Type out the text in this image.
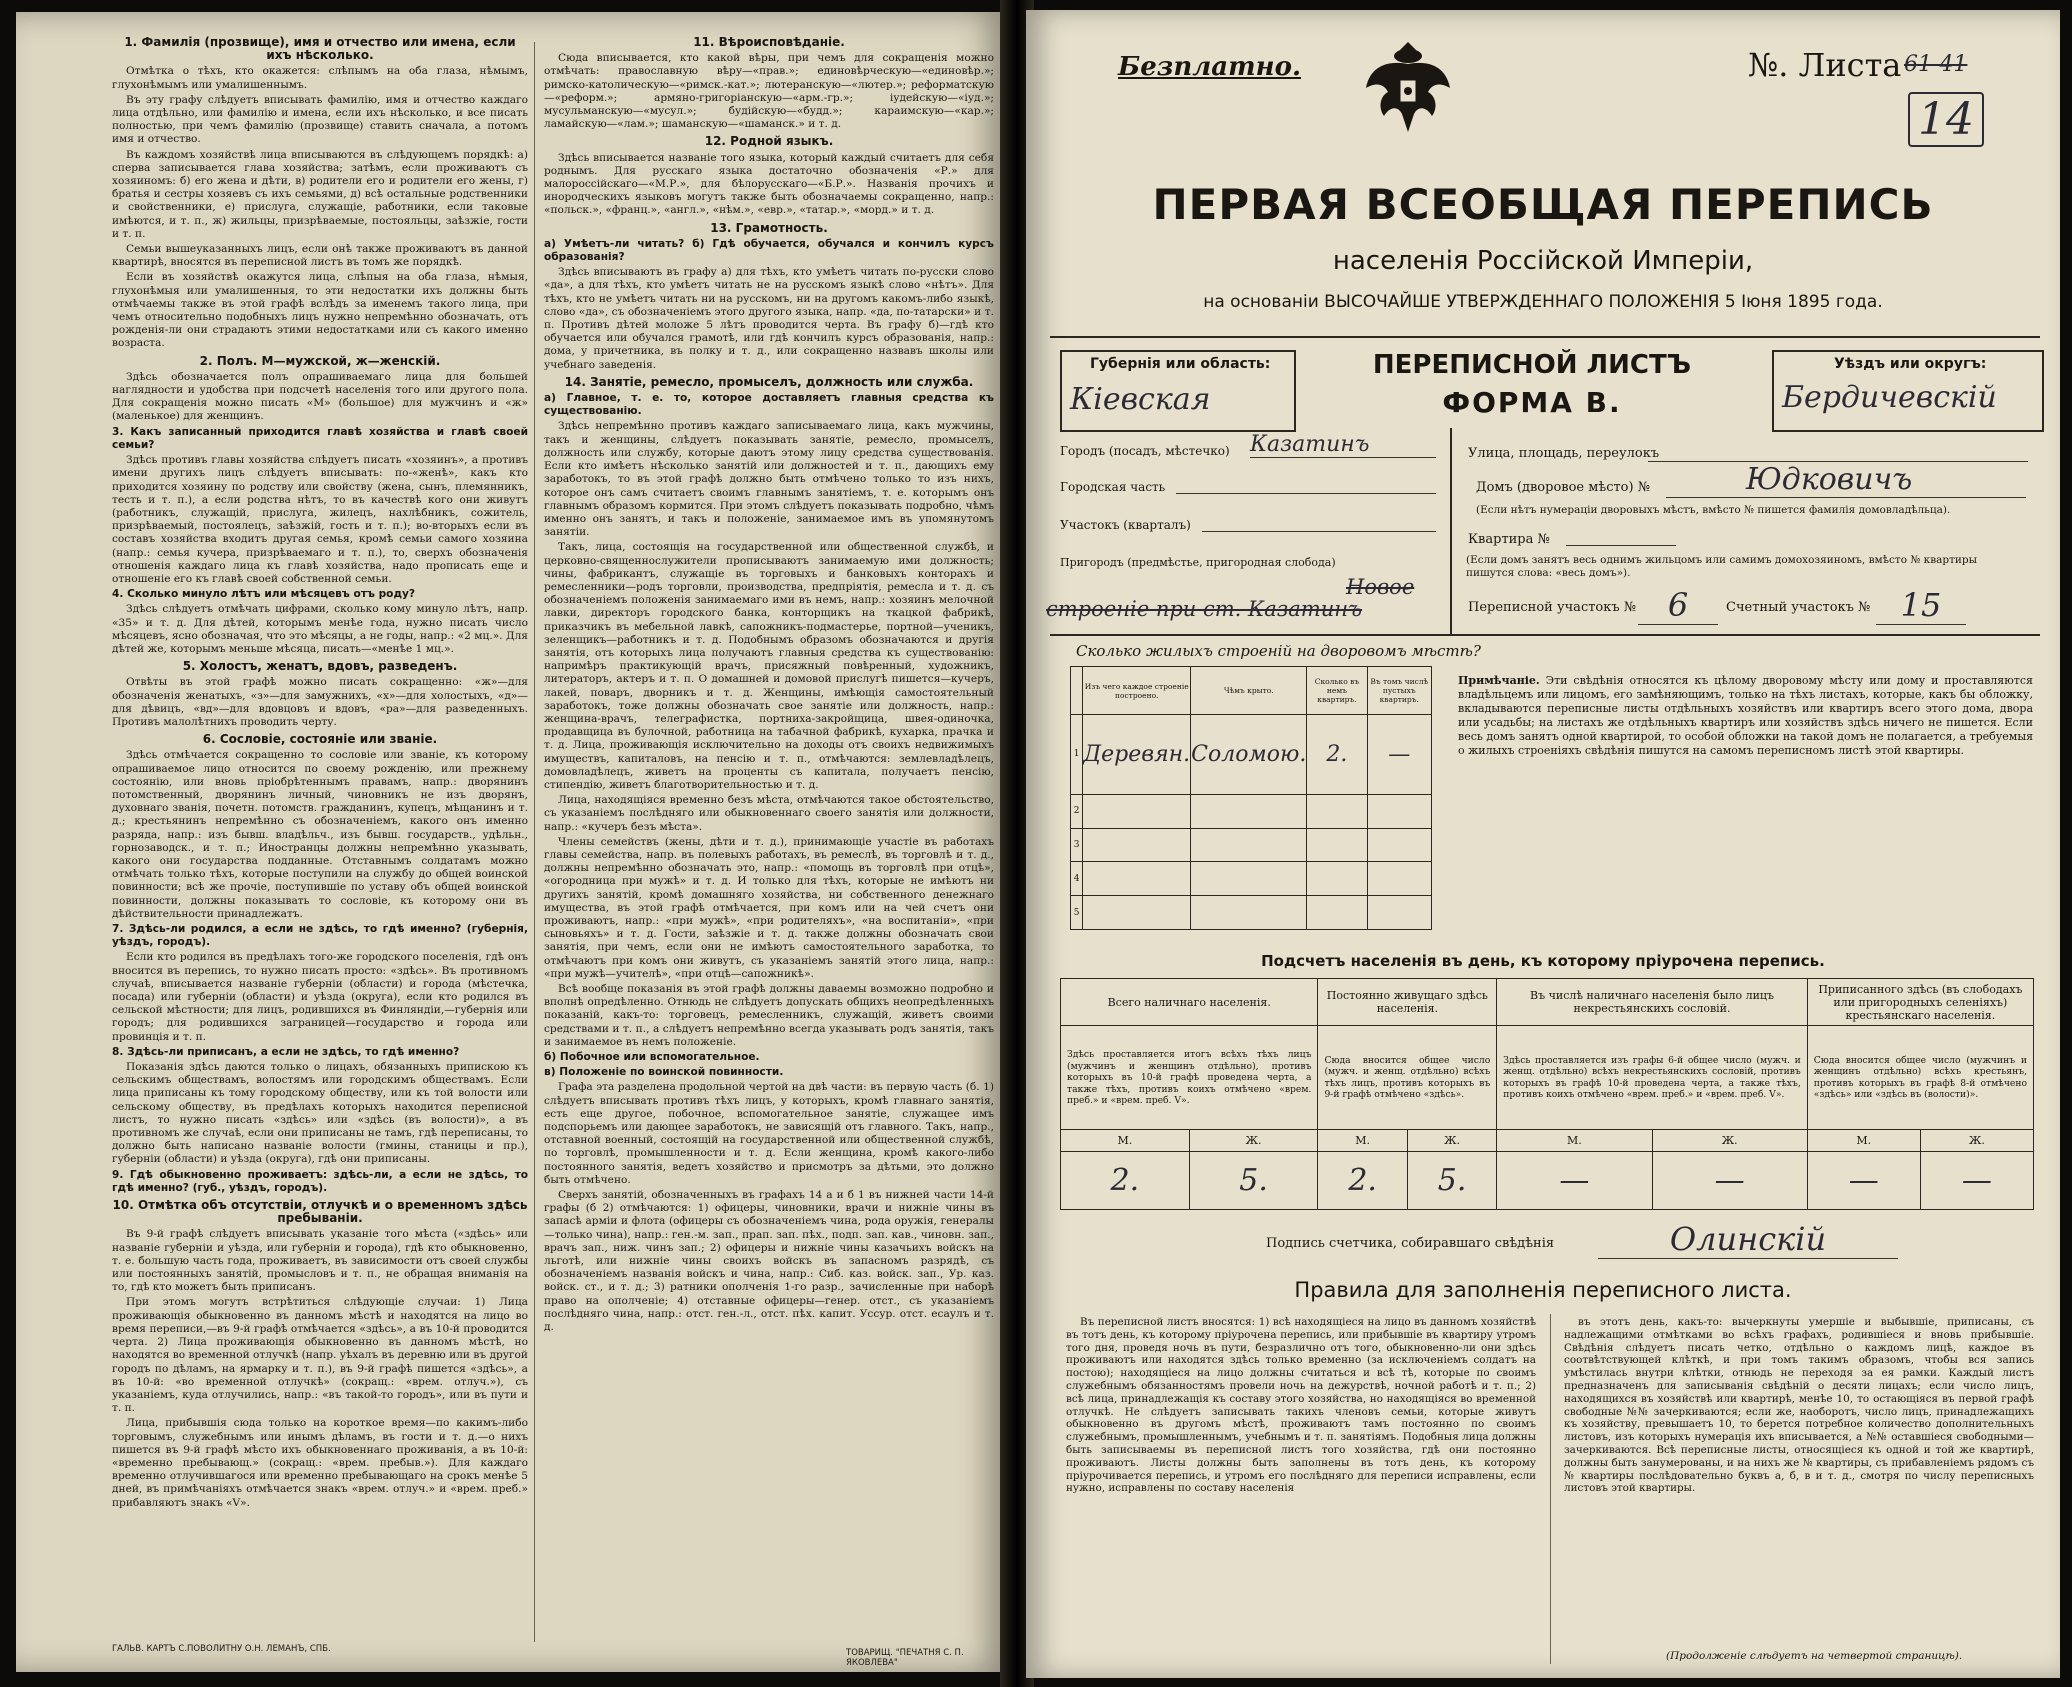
1. Фамилія (прозвище), имя и отчество или имена, если ихъ нѣсколько.

Отмѣтка о тѣхъ, кто окажется: слѣпымъ на оба глаза, нѣмымъ, глухонѣмымъ или умалишеннымъ.

Въ эту графу слѣдуетъ вписывать фамилію, имя и отчество каждаго лица отдѣльно, или фамилію и имена, если ихъ нѣсколько, и все писать полностью, при чемъ фамилію (прозвище) ставить сначала, а потомъ имя и отчество.

Въ каждомъ хозяйствѣ лица вписываются въ слѣдующемъ порядкѣ: а) сперва записывается глава хозяйства; затѣмъ, если проживаютъ съ хозяиномъ: б) его жена и дѣти, в) родители его и родители его жены, г) братья и сестры хозяевъ съ ихъ семьями, д) всѣ остальные родственники и свойственники, е) прислуга, служащіе, работники, если таковые имѣются, и т. п., ж) жильцы, призрѣваемые, постояльцы, заѣзжіе, гости и т. п.

Семьи вышеуказанныхъ лицъ, если онѣ также проживаютъ въ данной квартирѣ, вносятся въ переписной листъ въ томъ же порядкѣ.

Если въ хозяйствѣ окажутся лица, слѣпыя на оба глаза, нѣмыя, глухонѣмыя или умалишенныя, то эти недостатки ихъ должны быть отмѣчаемы также въ этой графѣ вслѣдъ за именемъ такого лица, при чемъ относительно подобныхъ лицъ нужно непремѣнно обозначать, отъ рожденія-ли они страдаютъ этими недостатками или съ какого именно возраста.

2. Полъ. М—мужской, ж—женскій.

Здѣсь обозначается полъ опрашиваемаго лица для большей наглядности и удобства при подсчетѣ населенія того или другого пола. Для сокращенія можно писать «М» (большое) для мужчинъ и «ж» (маленькое) для женщинъ.

3. Какъ записанный приходится главѣ хозяйства и главѣ своей семьи?

Здѣсь противъ главы хозяйства слѣдуетъ писать «хозяинъ», а противъ имени другихъ лицъ слѣдуетъ вписывать: по-«женѣ», какъ кто приходится хозяину по родству или свойству (жена, сынъ, племянникъ, тесть и т. п.), а если родства нѣтъ, то въ качествѣ кого они живутъ (работникъ, служащій, прислуга, жилецъ, нахлѣбникъ, сожитель, призрѣваемый, постоялецъ, заѣзжій, гость и т. п.); во-вторыхъ если въ составъ хозяйства входитъ другая семья, кромѣ семьи самого хозяина (напр.: семья кучера, призрѣваемаго и т. п.), то, сверхъ обозначенія отношенія каждаго лица къ главѣ хозяйства, надо прописать еще и отношеніе его къ главѣ своей собственной семьи.

4. Сколько минуло лѣтъ или мѣсяцевъ отъ роду?

Здѣсь слѣдуетъ отмѣчать цифрами, сколько кому минуло лѣтъ, напр. «35» и т. д. Для дѣтей, которымъ менѣе года, нужно писать число мѣсяцевъ, ясно обозначая, что это мѣсяцы, а не годы, напр.: «2 мц.». Для дѣтей же, которымъ меньше мѣсяца, писать—«менѣе 1 мц.».

5. Холостъ, женатъ, вдовъ, разведенъ.

Отвѣты въ этой графѣ можно писать сокращенно: «ж»—для обозначенія женатыхъ, «з»—для замужнихъ, «х»—для холостыхъ, «д»—для дѣвицъ, «вд»—для вдовцовъ и вдовъ, «ра»—для разведенныхъ. Противъ малолѣтнихъ проводить черту.

6. Сословіе, состояніе или званіе.

Здѣсь отмѣчается сокращенно то сословіе или званіе, къ которому опрашиваемое лицо относится по своему рожденію, или прежнему состоянію, или вновь пріобрѣтеннымъ правамъ, напр.: дворянинъ потомственный, дворянинъ личный, чиновникъ не изъ дворянъ, духовнаго званія, почетн. потомств. гражданинъ, купецъ, мѣщанинъ и т. д.; крестьянинъ непремѣнно съ обозначеніемъ, какого онъ именно разряда, напр.: изъ бывш. владѣльч., изъ бывш. государств., удѣльн., горнозаводск., и т. п.; Иностранцы должны непремѣнно указывать, какого они государства подданные. Отставнымъ солдатамъ можно отмѣчать только тѣхъ, которые поступили на службу до общей воинской повинности; всѣ же прочіе, поступившіе по уставу объ общей воинской повинности, должны показывать то сословіе, къ которому они въ дѣйствительности принадлежатъ.

7. Здѣсь-ли родился, а если не здѣсь, то гдѣ именно? (губернія, уѣздъ, городъ).

Если кто родился въ предѣлахъ того-же городского поселенія, гдѣ онъ вносится въ перепись, то нужно писать просто: «здѣсь». Въ противномъ случаѣ, вписывается названіе губерніи (области) и города (мѣстечка, посада) или губерніи (области) и уѣзда (округа), если кто родился въ сельской мѣстности; для лицъ, родившихся въ Финляндіи,—губернія или городъ; для родившихся заграницей—государство и города или провинція и т. п.

8. Здѣсь-ли приписанъ, а если не здѣсь, то гдѣ именно?

Показанія здѣсь даются только о лицахъ, обязанныхъ припискою къ сельскимъ обществамъ, волостямъ или городскимъ обществамъ. Если лица приписаны къ тому городскому обществу, или къ той волости или сельскому обществу, въ предѣлахъ которыхъ находится переписной листъ, то нужно писать «здѣсь» или «здѣсь (въ волости)», а въ противномъ же случаѣ, если они приписаны не тамъ, гдѣ переписаны, то должно быть написано названіе волости (гмины, станицы и пр.), губерніи (области) и уѣзда (округа), гдѣ они приписаны.

9. Гдѣ обыкновенно проживаетъ: здѣсь-ли, а если не здѣсь, то гдѣ именно? (губ., уѣздъ, городъ).

10. Отмѣтка объ отсутствіи, отлучкѣ и о временномъ здѣсь пребываніи.

Въ 9-й графѣ слѣдуетъ вписывать указаніе того мѣста («здѣсь» или названіе губерніи и уѣзда, или губерніи и города), гдѣ кто обыкновенно, т. е. большую часть года, проживаетъ, въ зависимости отъ своей службы или постоянныхъ занятій, промысловъ и т. п., не обращая вниманія на то, гдѣ кто можетъ быть приписанъ.

При этомъ могутъ встрѣтиться слѣдующіе случаи: 1) Лица проживающія обыкновенно въ данномъ мѣстѣ и находятся на лицо во время переписи,—въ 9-й графѣ отмѣчается «здѣсь», а въ 10-й проводится черта. 2) Лица проживающія обыкновенно въ данномъ мѣстѣ, но находятся во временной отлучкѣ (напр. уѣхалъ въ деревню или въ другой городъ по дѣламъ, на ярмарку и т. п.), въ 9-й графѣ пишется «здѣсь», а въ 10-й: «во временной отлучкѣ» (сокращ.: «врем. отлуч.»), съ указаніемъ, куда отлучились, напр.: «въ такой-то городъ», или въ пути и т. п.

Лица, прибывшія сюда только на короткое время—по какимъ-либо торговымъ, служебнымъ или инымъ дѣламъ, въ гости и т. д.—о нихъ пишется въ 9-й графѣ мѣсто ихъ обыкновеннаго проживанія, а въ 10-й: «временно пребывающ.» (сокращ.: «врем. пребыв.»). Для каждаго временно отлучившагося или временно пребывающаго на срокъ менѣе 5 дней, въ примѣчаніяхъ отмѣчается знакъ «врем. отлуч.» и «врем. преб.» прибавляютъ знакъ «V».

11. Вѣроисповѣданіе.

Сюда вписывается, кто какой вѣры, при чемъ для сокращенія можно отмѣчать: православную вѣру—«прав.»; единовѣрческую—«единовѣр.»; римско-католическую—«римск.-кат.»; лютеранскую—«лютер.»; реформатскую—«реформ.»; армяно-григоріанскую—«арм.-гр.»; іудейскую—«іуд.»; мусульманскую—«мусул.»; будійскую—«будд.»; караимскую—«кар.»; ламайскую—«лам.»; шаманскую—«шаманск.» и т. д.

12. Родной языкъ.

Здѣсь вписывается названіе того языка, который каждый считаетъ для себя роднымъ. Для русскаго языка достаточно обозначенія «Р.» для малороссійскаго—«М.Р.», для бѣлорусскаго—«Б.Р.». Названія прочихъ и инородческихъ языковъ могутъ также быть обозначаемы сокращенно, напр.: «польск.», «франц.», «англ.», «нѣм.», «евр.», «татар.», «морд.» и т. д.

13. Грамотность.

а) Умѣетъ-ли читать? б) Гдѣ обучается, обучался и кончилъ курсъ образованія?

Здѣсь вписываютъ въ графу а) для тѣхъ, кто умѣетъ читать по-русски слово «да», а для тѣхъ, кто умѣетъ читать не на русскомъ языкѣ слово «нѣтъ». Для тѣхъ, кто не умѣетъ читать ни на русскомъ, ни на другомъ какомъ-либо языкѣ, слово «да», съ обозначеніемъ этого другого языка, напр. «да, по-татарски» и т. п. Противъ дѣтей моложе 5 лѣтъ проводится черта. Въ графу б)—гдѣ кто обучается или обучался грамотѣ, или гдѣ кончилъ курсъ образованія, напр.: дома, у причетника, въ полку и т. д., или сокращенно назвавъ школы или учебнаго заведенія.

14. Занятіе, ремесло, промыселъ, должность или служба.

а) Главное, т. е. то, которое доставляетъ главныя средства къ существованію.

Здѣсь непремѣнно противъ каждаго записываемаго лица, какъ мужчины, такъ и женщины, слѣдуетъ показывать занятіе, ремесло, промыселъ, должность или службу, которые даютъ этому лицу средства существованія. Если кто имѣетъ нѣсколько занятій или должностей и т. п., дающихъ ему заработокъ, то въ этой графѣ должно быть отмѣчено только то изъ нихъ, которое онъ самъ считаетъ своимъ главнымъ занятіемъ, т. е. которымъ онъ главнымъ образомъ кормится. При этомъ слѣдуетъ показывать подробно, чѣмъ именно онъ занятъ, и такъ и положеніе, занимаемое имъ въ упомянутомъ занятіи.

Такъ, лица, состоящія на государственной или общественной службѣ, и церковно-священнослужители прописываютъ занимаемую ими должность; чины, фабрикантъ, служащіе въ торговыхъ и банковыхъ конторахъ и ремесленники—родъ торговли, производства, предпріятія, ремесла и т. д. съ обозначеніемъ положенія занимаемаго ими въ немъ, напр.: хозяинъ мелочной лавки, директоръ городского банка, конторщикъ на ткацкой фабрикѣ, приказчикъ въ мебельной лавкѣ, сапожникъ-подмастерье, портной—ученикъ, зеленщикъ—работникъ и т. д. Подобнымъ образомъ обозначаются и другія занятія, отъ которыхъ лица получаютъ главныя средства къ существованію: напримѣръ практикующій врачъ, присяжный повѣренный, художникъ, литераторъ, актеръ и т. п. О домашней и домовой прислугѣ пишется—кучеръ, лакей, поваръ, дворникъ и т. д. Женщины, имѣющія самостоятельный заработокъ, тоже должны обозначать свое занятіе или должность, напр.: женщина-врачъ, телеграфистка, портниха-закройщица, швея-одиночка, продавщица въ булочной, работница на табачной фабрикѣ, кухарка, прачка и т. д. Лица, проживающія исключительно на доходы отъ своихъ недвижимыхъ имуществъ, капиталовъ, на пенсію и т. п., отмѣчаются: землевладѣлецъ, домовладѣлецъ, живетъ на проценты съ капитала, получаетъ пенсію, стипендію, живетъ благотворительностью и т. д.

Лица, находящіяся временно безъ мѣста, отмѣчаются такое обстоятельство, съ указаніемъ послѣдняго или обыкновеннаго своего занятія или должности, напр.: «кучеръ безъ мѣста».

Члены семействъ (жены, дѣти и т. д.), принимающіе участіе въ работахъ главы семейства, напр. въ полевыхъ работахъ, въ ремеслѣ, въ торговлѣ и т. д., должны непремѣнно обозначать это, напр.: «помощь въ торговлѣ при отцѣ», «огородница при мужѣ» и т. д. И только для тѣхъ, которые не имѣютъ ни другихъ занятій, кромѣ домашняго хозяйства, ни собственного денежнаго имущества, въ этой графѣ отмѣчается, при комъ или на чей счетъ они проживаютъ, напр.: «при мужѣ», «при родителяхъ», «на воспитаніи», «при сыновьяхъ» и т. д. Гости, заѣзжіе и т. д. также должны обозначать свои занятія, при чемъ, если они не имѣютъ самостоятельного заработка, то отмѣчаютъ при комъ они живутъ, съ указаніемъ занятій этого лица, напр.: «при мужѣ—учителѣ», «при отцѣ—сапожникѣ».

Всѣ вообще показанія въ этой графѣ должны даваемы возможно подробно и вполнѣ опредѣленно. Отнюдь не слѣдуетъ допускать общихъ неопредѣленныхъ показаній, какъ-то: торговецъ, ремесленникъ, служащій, живетъ своими средствами и т. п., а слѣдуетъ непремѣнно всегда указывать родъ занятія, такъ и занимаемое въ немъ положеніе.

б) Побочное или вспомогательное.

в) Положеніе по воинской повинности.

Графа эта разделена продольной чертой на двѣ части: въ первую часть (б. 1) слѣдуетъ вписывать противъ тѣхъ лицъ, у которыхъ, кромѣ главнаго занятія, есть еще другое, побочное, вспомогательное занятіе, служащее имъ подспорьемъ или дающее заработокъ, не зависящій отъ главного. Такъ, напр., отставной военный, состоящій на государственной или общественной службѣ, по торговлѣ, промышленности и т. д. Если женщина, кромѣ какого-либо постоянного занятія, ведетъ хозяйство и присмотръ за дѣтьми, это должно быть отмѣчено.

Сверхъ занятій, обозначенныхъ въ графахъ 14 а и б 1 въ нижней части 14-й графы (б 2) отмѣчаются: 1) офицеры, чиновники, врачи и нижніе чины въ запасѣ арміи и флота (офицеры съ обозначеніемъ чина, рода оружія, генералы—только чина), напр.: ген.-м. зап., прап. зап. пѣх., подп. зап. кав., чиновн. зап., врачъ зап., ниж. чинъ зап.; 2) офицеры и нижніе чины казачьихъ войскъ на льготѣ, или нижніе чины своихъ войскъ въ запасномъ разрядѣ, съ обозначеніемъ названія войскъ и чина, напр.: Сиб. каз. войск. зап., Ур. каз. войск. ст., и т. д.; 3) ратники ополченія 1-го разр., зачисленные при наборѣ право на ополченіе; 4) отставные офицеры—генер. отст., съ указаніемъ послѣдняго чина, напр.: отст. ген.-л., отст. пѣх. капит. Уссур. отст. есаулъ и т. д.

ГАЛЬВ. КАРТЪ С.ПОВОЛИТНУ О.Н. ЛЕМАНЪ, СПБ.	ТОВАРИЩ. "ПЕЧАТНЯ С. П. ЯКОВЛЕВА"
Безплатно.	№. Листа 61-41
14
ПЕРВАЯ ВСЕОБЩАЯ ПЕРЕПИСЬ
населенія Россійской Имперіи,
на основаніи ВЫСОЧАЙШЕ УТВЕРЖДЕННАГО ПОЛОЖЕНІЯ 5 Іюня 1895 года.
Губернія или область:
Кіевская
ПЕРЕПИСНОЙ ЛИСТЪ
ФОРМА В.
Уѣздъ или округъ:
Бердичевскій
Городъ (посадъ, мѣстечко) Казатинъ	Улица, площадь, переулокъ
Городская часть	Домъ (дворовое мѣсто) №	Юдковичъ
(Если нѣтъ нумераціи дворовыхъ мѣстъ, вмѣсто № пишется фамилія домовладѣльца).
Участокъ (кварталъ)
Квартира №
(Если домъ занятъ весь однимъ жильцомъ или самимъ домохозяиномъ, вмѣсто № квартиры пишутся слова: «весь домъ»).
Пригородъ (предмѣстье, пригородная слобода)
Новое строеніе при ст. Казатинъ	Переписной участокъ № 6	Счетный участокъ № 15
Сколько жилыхъ строеній на дворовомъ мѣстѣ?
	Изъ чего каждое строеніе построено.	Чѣмъ крыто.	Сколько въ немъ квартиръ.	Въ томъ числѣ пустыхъ квартиръ.
1	Деревян.	Соломою.	2.	—
2				
3				
4				
5				
Примѣчаніе. Эти свѣдѣнія относятся къ цѣлому дворовому мѣсту или дому и проставляются владѣльцемъ или лицомъ, его замѣняющимъ, только на тѣхъ листахъ, которые, какъ бы обложку, вкладываются переписные листы отдѣльныхъ хозяйствъ или квартиръ всего этого дома, двора или усадьбы; на листахъ же отдѣльныхъ квартиръ или хозяйствъ здѣсь ничего не пишется. Если весь домъ занятъ одной квартирой, то особой обложки на такой домъ не полагается, а требуемыя о жилыхъ строеніяхъ свѣдѣнія пишутся на самомъ переписномъ листѣ этой квартиры.
Подсчетъ населенія въ день, къ которому пріурочена перепись.
Всего наличнаго населенія.		Постоянно живущаго здѣсь населенія.		Въ числѣ наличнаго населенія было лицъ некрестьянскихъ сословій.		Приписанного здѣсь (въ слободахъ или пригородныхъ селеніяхъ) крестьянскаго населенія.	
Здѣсь проставляется итогъ всѣхъ тѣхъ лицъ (мужчинъ и женщинъ отдѣльно), противъ которыхъ въ 10-й графѣ проведена черта, а также тѣхъ, противъ коихъ отмѣчено «врем. преб.» и «врем. преб. V».		Сюда вносится общее число (мужч. и женщ. отдѣльно) всѣхъ тѣхъ лицъ, противъ которыхъ въ 9-й графѣ отмѣчено «здѣсь».		Здѣсь проставляется изъ графы 6-й общее число (мужч. и женщ. отдѣльно) всѣхъ некрестьянскихъ сословій, противъ которыхъ въ графѣ 10-й проведена черта, а также тѣхъ, противъ коихъ отмѣчено «врем. преб.» и «врем. преб. V».		Сюда вносится общее число (мужчинъ и женщинъ отдѣльно) всѣхъ крестьянъ, противъ которыхъ въ графѣ 8-й отмѣчено «здѣсь» или «здѣсь въ (волости)».	
М.	Ж.	М.	Ж.	М.	Ж.	М.	Ж.
2.	5.	2.	5.	—	—	—	—
Подпись счетчика, собиравшаго свѣдѣнія	Олинскій
Правила для заполненія переписного листа.

Въ переписной листъ вносятся: 1) всѣ находящіеся на лицо въ данномъ хозяйствѣ въ тотъ день, къ которому пріурочена перепись, или прибывшіе въ квартиру утромъ того дня, проведя ночь въ пути, безразлично отъ того, обыкновенно-ли они здѣсь проживаютъ или находятся здѣсь только временно (за исключеніемъ солдатъ на постою); находящіеся на лицо должны считаться и всѣ тѣ, которые по своимъ служебнымъ обязанностямъ провели ночь на дежурствѣ, ночной работѣ и т. п.; 2) всѣ лица, принадлежащія къ составу этого хозяйства, но находящіяся во временной отлучкѣ. Не слѣдуетъ записывать такихъ членовъ семьи, которые живутъ обыкновенно въ другомъ мѣстѣ, проживаютъ тамъ постоянно по своимъ служебнымъ, промышленнымъ, учебнымъ и т. п. занятіямъ. Подобныя лица должны быть записываемы въ переписной листъ того хозяйства, гдѣ они постоянно проживаютъ. Листы должны быть заполнены въ тотъ день, къ которому пріурочивается перепись, и утромъ его послѣдняго для переписи исправлены, если нужно, исправлены по составу населенія

въ этотъ день, какъ-то: вычеркнуты умершіе и выбывшіе, приписаны, съ надлежащими отмѣтками во всѣхъ графахъ, родившіеся и вновь прибывшіе. Свѣдѣнія слѣдуетъ писать четко, отдѣльно о каждомъ лицѣ, каждое въ соотвѣтствующей клѣткѣ, и при томъ такимъ образомъ, чтобы вся запись умѣстилась внутри клѣтки, отнюдь не переходя за ея рамки. Каждый листъ предназначенъ для записыванія свѣдѣній о десяти лицахъ; если число лицъ, находящихся въ хозяйствѣ или квартирѣ, менѣе 10, то остающіяся въ первой графѣ свободные №№ зачеркиваются; если же, наоборотъ, число лицъ, принадлежащихъ къ хозяйству, превышаетъ 10, то берется потребное количество дополнительныхъ листовъ, изъ которыхъ нумерація ихъ вписывается, а №№ оставшіеся свободными—зачеркиваются. Всѣ переписные листы, относящіеся къ одной и той же квартирѣ, должны быть занумерованы, и на нихъ же № квартиры, съ прибавленіемъ рядомъ съ № квартиры послѣдовательно буквъ а, б, в и т. д., смотря по числу переписныхъ листовъ этой квартиры.

(Продолженіе слѣдуетъ на четвертой страницѣ).
